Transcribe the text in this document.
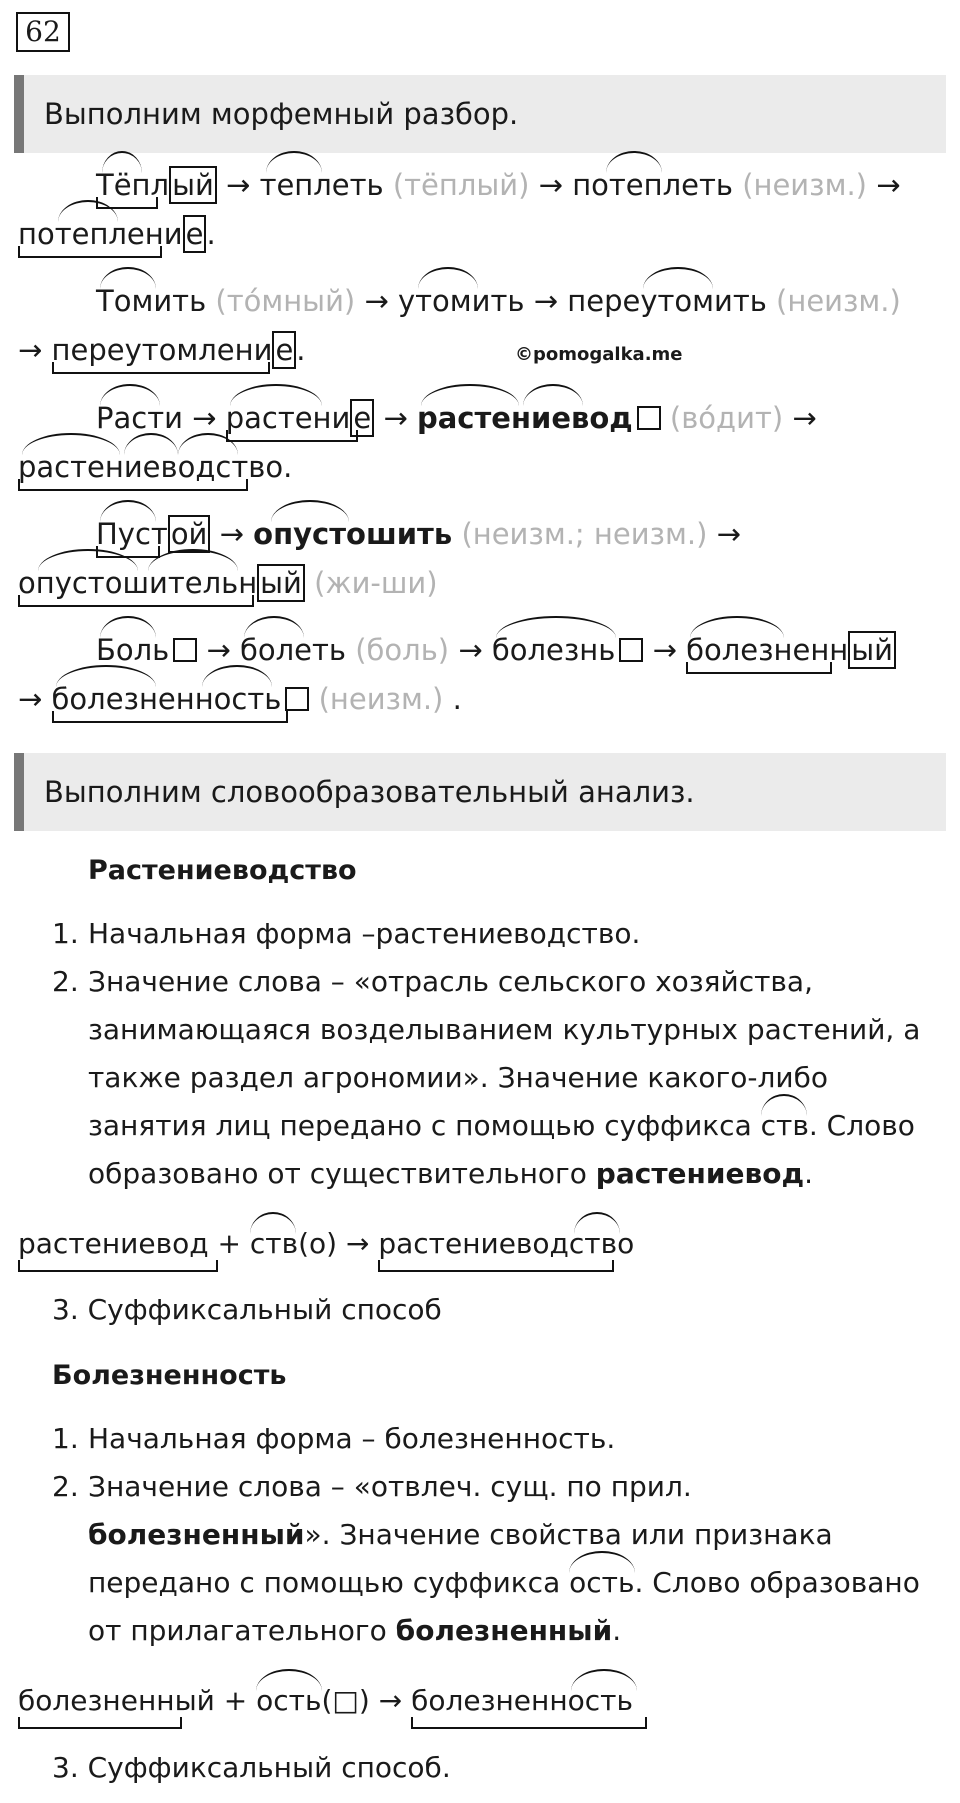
62
Выполним морфемный разбор.
Тёпл ый → теплеть (тёплый) → потеплеть (неизм.) →
потеплени е .
Томить (то́мный) → утомить → переутомить (неизм.)
→ переутомлени е .	©pomogalka.me
Расти → растени е → растениевод (во́дит) →
растениеводство.
Пуст ой → опустошить (неизм.; неизм.) →
опустошительн ый (жи-ши)
Боль → болеть (боль) → болезнь → болезненн ый
→ болезненность (неизм.) .
Выполним словообразовательный анализ.
Растениеводство
1. Начальная форма –растениеводство.
2. Значение слова – «отрасль сельского хозяйства,
занимающаяся возделыванием культурных растений, а
также раздел агрономии». Значение какого-либо
занятия лиц передано с помощью суффикса
ств. Слово
образовано от существительного растениевод.
растениевод +
ств(о) →
растениеводство
3. Суффиксальный способ
Болезненность
1. Начальная форма – болезненность.
2. Значение слова – «отвлеч. сущ. по прил.
болезненный». Значение свойства или признака
передано с помощью суффикса
ость. Слово образовано
от прилагательного болезненный.
болезненный +
ость(□) →
болезненность
3. Суффиксальный способ.
